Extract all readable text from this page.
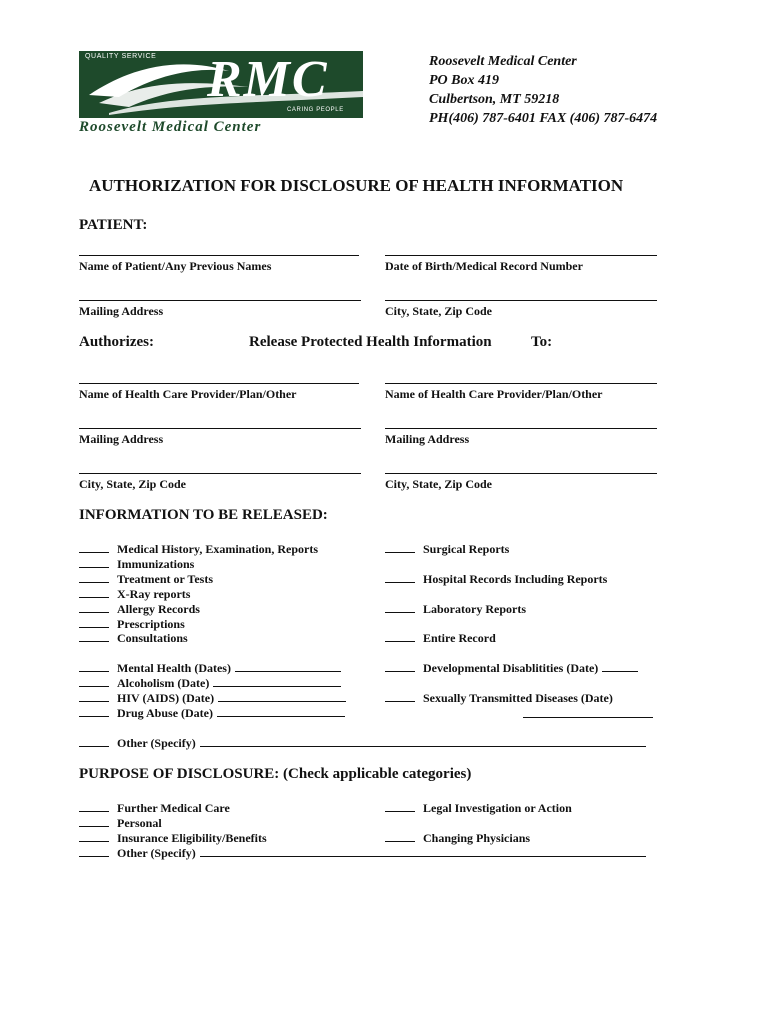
QUALITY SERVICE RMC
CARING PEOPLE
Roosevelt Medical Center
Roosevelt Medical Center
PO Box 419
Culbertson, MT 59218
PH(406) 787-6401 FAX (406) 787-6474
AUTHORIZATION FOR DISCLOSURE OF HEALTH INFORMATION
PATIENT:
Name of Patient/Any Previous Names	Date of Birth/Medical Record Number
Mailing Address	City, State, Zip Code
Authorizes:	Release Protected Health Information	To:
Name of Health Care Provider/Plan/Other	Name of Health Care Provider/Plan/Other
Mailing Address	Mailing Address
City, State, Zip Code	City, State, Zip Code
INFORMATION TO BE RELEASED:
Medical History, Examination, Reports
Immunizations
Treatment or Tests
X-Ray reports
Allergy Records
Prescriptions
Consultations
Surgical Reports
Hospital Records Including Reports
Laboratory Reports
Entire Record
Mental Health (Dates)
Alcoholism (Date)
HIV (AIDS) (Date)
Drug Abuse (Date)
Developmental Disablitities (Date)
Sexually Transmitted Diseases (Date)
Other (Specify)
PURPOSE OF DISCLOSURE: (Check applicable categories)
Further Medical Care
Personal
Insurance Eligibility/Benefits
Other (Specify)
Legal Investigation or Action
Changing Physicians
